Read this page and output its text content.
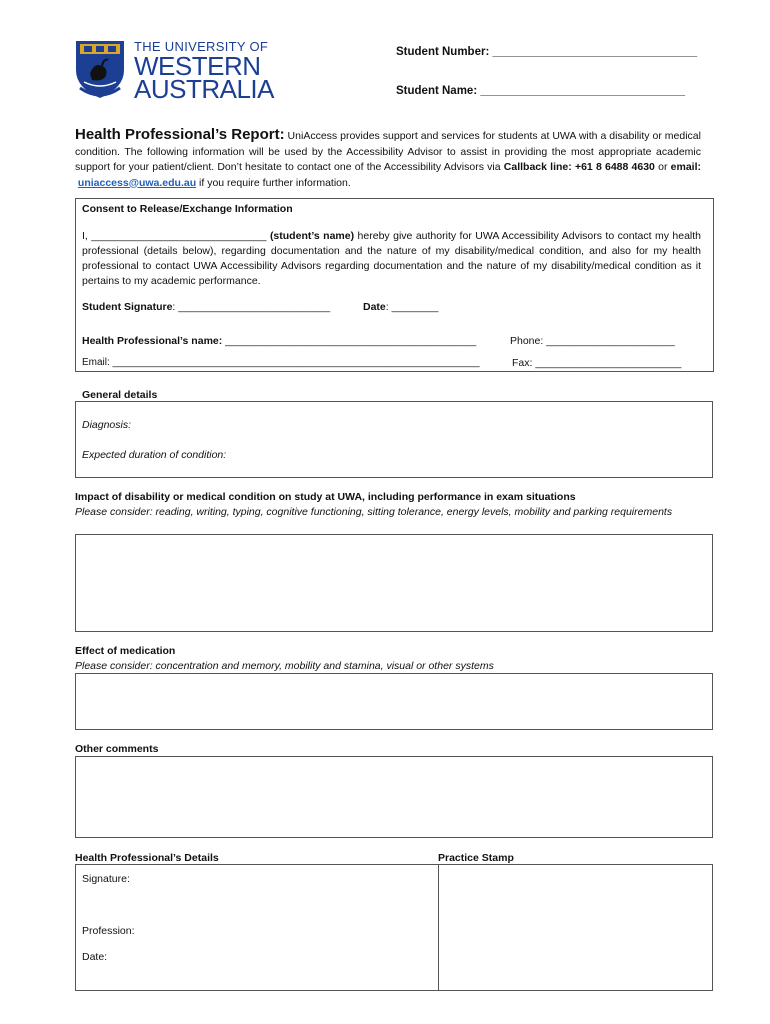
THE UNIVERSITY OF
WESTERN
AUSTRALIA
Student Number: ________________________________
Student Name: ________________________________

Health Professional’s Report: UniAccess provides support and services for students at UWA with a disability or medical condition. The following information will be used by the Accessibility Advisor to assist in providing the most appropriate academic support for your patient/client. Don’t hesitate to contact one of the Accessibility Advisors via Callback line: +61 8 6488 4630 or email:  uniaccess@uwa.edu.au if you require further information.

Consent to Release/Exchange Information

I, ______________________________ (student’s name) hereby give authority for UWA Accessibility Advisors to contact my health professional (details below), regarding documentation and the nature of my disability/medical condition, and also for my health professional to contact UWA Accessibility Advisors regarding documentation and the nature of my disability/medical condition as it pertains to my academic performance.

Student Signature: __________________________	Date: ________
Health Professional’s name: ___________________________________________	Phone: ______________________
Email: __________________________________________________________________	Fax: _________________________
General details
Diagnosis:
Expected duration of condition:
Impact of disability or medical condition on study at UWA, including performance in exam situations
Please consider: reading, writing, typing, cognitive functioning, sitting tolerance, energy levels, mobility and parking requirements
Effect of medication
Please consider: concentration and memory, mobility and stamina, visual or other systems
Other comments
Health Professional’s Details	Practice Stamp
Signature:
Profession:
Date:
